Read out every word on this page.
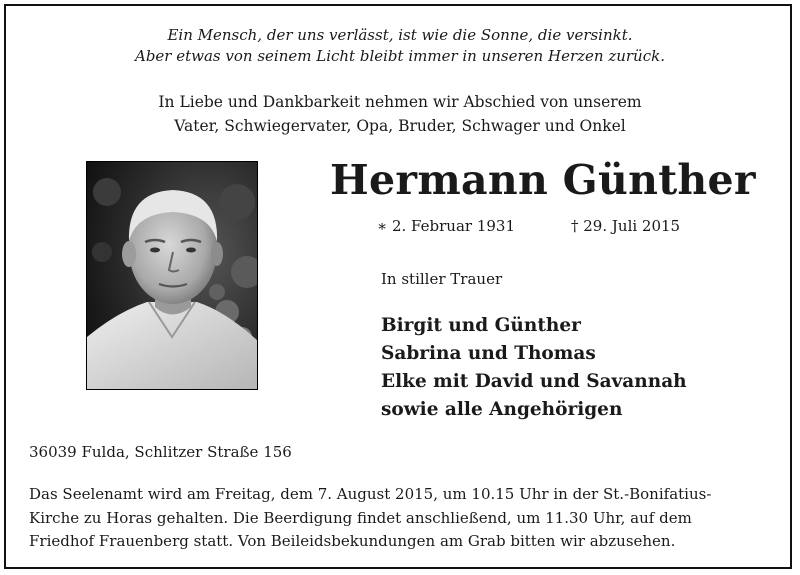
Ein Mensch, der uns verlässt, ist wie die Sonne, die versinkt.
Aber etwas von seinem Licht bleibt immer in unseren Herzen zurück.
In Liebe und Dankbarkeit nehmen wir Abschied von unserem
Vater, Schwiegervater, Opa, Bruder, Schwager und Onkel
Hermann Günther
∗ 2. Februar 1931	† 29. Juli 2015
In stiller Trauer
Birgit und Günther
Sabrina und Thomas
Elke mit David und Savannah
sowie alle Angehörigen
36039 Fulda, Schlitzer Straße 156
Das Seelenamt wird am Freitag, dem 7. August 2015, um 10.15 Uhr in der St.-Bonifatius-
Kirche zu Horas gehalten. Die Beerdigung findet anschließend, um 11.30 Uhr, auf dem
Friedhof Frauenberg statt. Von Beileidsbekundungen am Grab bitten wir abzusehen.
